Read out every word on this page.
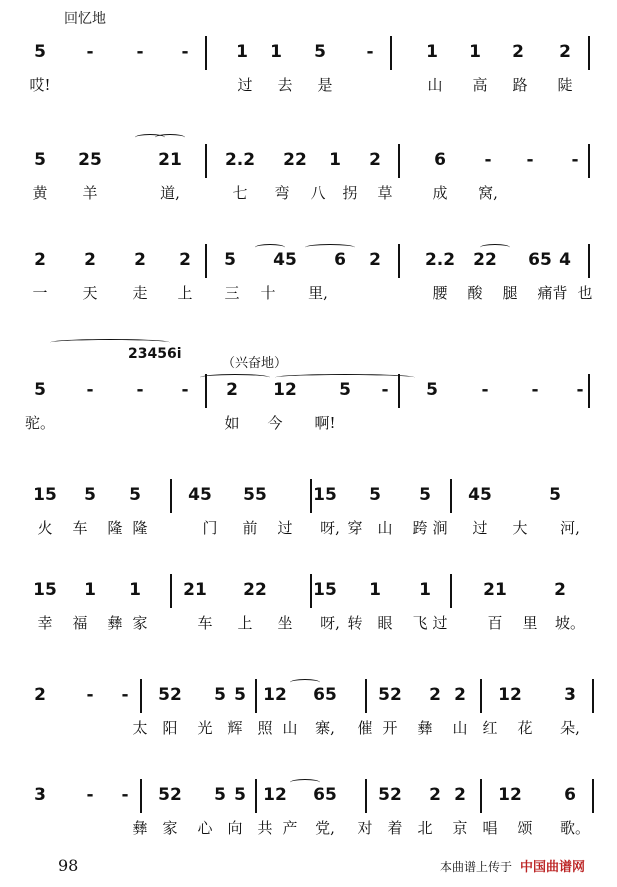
回忆地
5 -	- -	1 1 5 -	1 1 2 2
哎!	过 去 是	山 高 路 陡
5 25	21	2.2 22 1 2	6 - - -
黄 羊	道,	七 弯 八 拐 草	成 窝,
2 2 2 2 5 45 6 2	2.2 22 65 4
一 天 走 上 三 十 里,	腰 酸 腿 痛 背 也
5 -	- - 2 12 5 - 5	-	- -
驼。	如 今 啊!
15 5 5	45 55	15 5 5 45	5
火 车 隆 隆	门 前 过 呀, 穿 山 跨 涧 过 大 河,
15 1 1 21 22	15 1 1	21	2
幸 福 彝 家	车 上 坐 呀, 转 眼 飞 过	百 里 坡。
2 - - 52 5 5 12 65 52 2 2 12 3
太 阳 光 辉 照 山 寨, 催 开 彝 山 红 花 朵,
3 - - 52 5 5 12 65 52 2 2 12 6
彝 家 心 向 共 产 党, 对 着 北 京 唱 颂 歌。
（兴奋地）
23456i
98	本曲谱上传于 中国曲谱网
